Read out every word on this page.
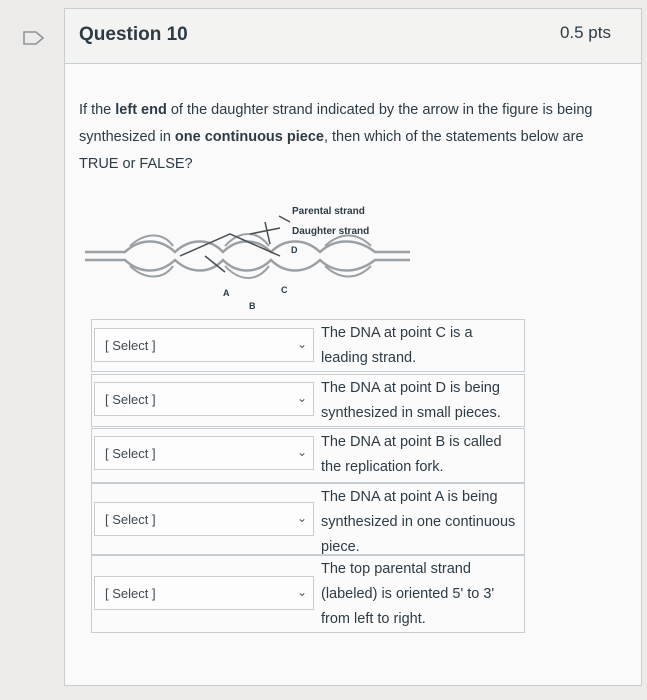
Question 10	0.5 pts
If the left end of the daughter strand indicated by the arrow in the figure is being synthesized in one continuous piece, then which of the statements below are TRUE or FALSE?
Parental strand
Daughter strand
D
A
B
C
[ Select ]	⌄
The DNA at point C is a leading strand.
[ Select ]	⌄
The DNA at point D is being synthesized in small pieces.
[ Select ]	⌄
The DNA at point B is called the replication fork.
[ Select ]	⌄
The DNA at point A is being synthesized in one continuous piece.
[ Select ]	⌄
The top parental strand (labeled) is oriented 5' to 3' from left to right.
